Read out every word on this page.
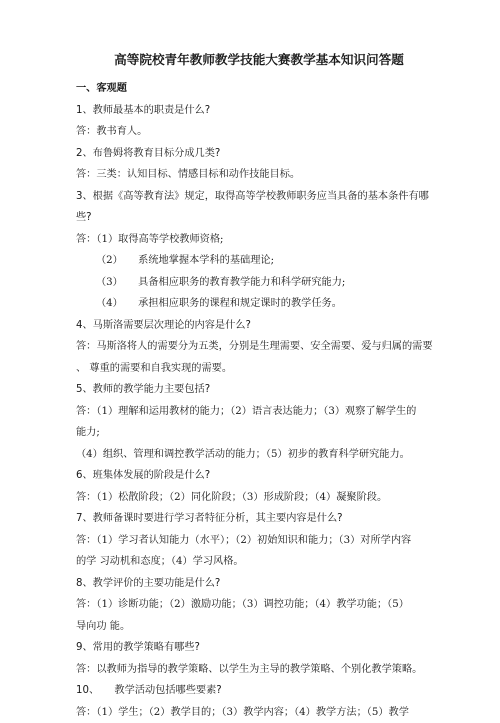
高等院校青年教师教学技能大赛教学基本知识问答题
一、客观题
1、教师最基本的职责是什么?
答：教书育人。
2、布鲁姆将教育目标分成几类?
答：三类：认知目标、情感目标和动作技能目标。
3、根据《高等教育法》规定，取得高等学校教师职务应当具备的基本条件有哪
些?
答：（1）取得高等学校教师资格;
（2）　　系统地掌握本学科的基础理论;
（3）　　具备相应职务的教育教学能力和科学研究能力;
（4）　　承担相应职务的课程和规定课时的教学任务。
4、马斯洛需要层次理论的内容是什么?
答：马斯洛将人的需要分为五类，分别是生理需要、安全需要、爱与归属的需要
、 尊重的需要和自我实现的需要。
5、教师的教学能力主要包括?
答：（1）理解和运用教材的能力；（2）语言表达能力；（3）观察了解学生的
能力;
（4）组织、管理和调控教学活动的能力；（5）初步的教育科学研究能力。
6、班集体发展的阶段是什么?
答：（1）松散阶段；（2）同化阶段；（3）形成阶段；（4）凝聚阶段。
7、教师备课时要进行学习者特征分析，其主要内容是什么?
答：（1）学习者认知能力（水平）；（2）初始知识和能力；（3）对所学内容
的学 习动机和态度；（4）学习风格。
8、教学评价的主要功能是什么?
答：（1）诊断功能；（2）激励功能；（3）调控功能；（4）教学功能；（5）
导向功 能。
9、常用的教学策略有哪些?
答：以教师为指导的教学策略、以学生为主导的教学策略、个别化教学策略。
10、　　教学活动包括哪些要素?
答：（1）学生；（2）教学目的；（3）教学内容；（4）教学方法；（5）教学
